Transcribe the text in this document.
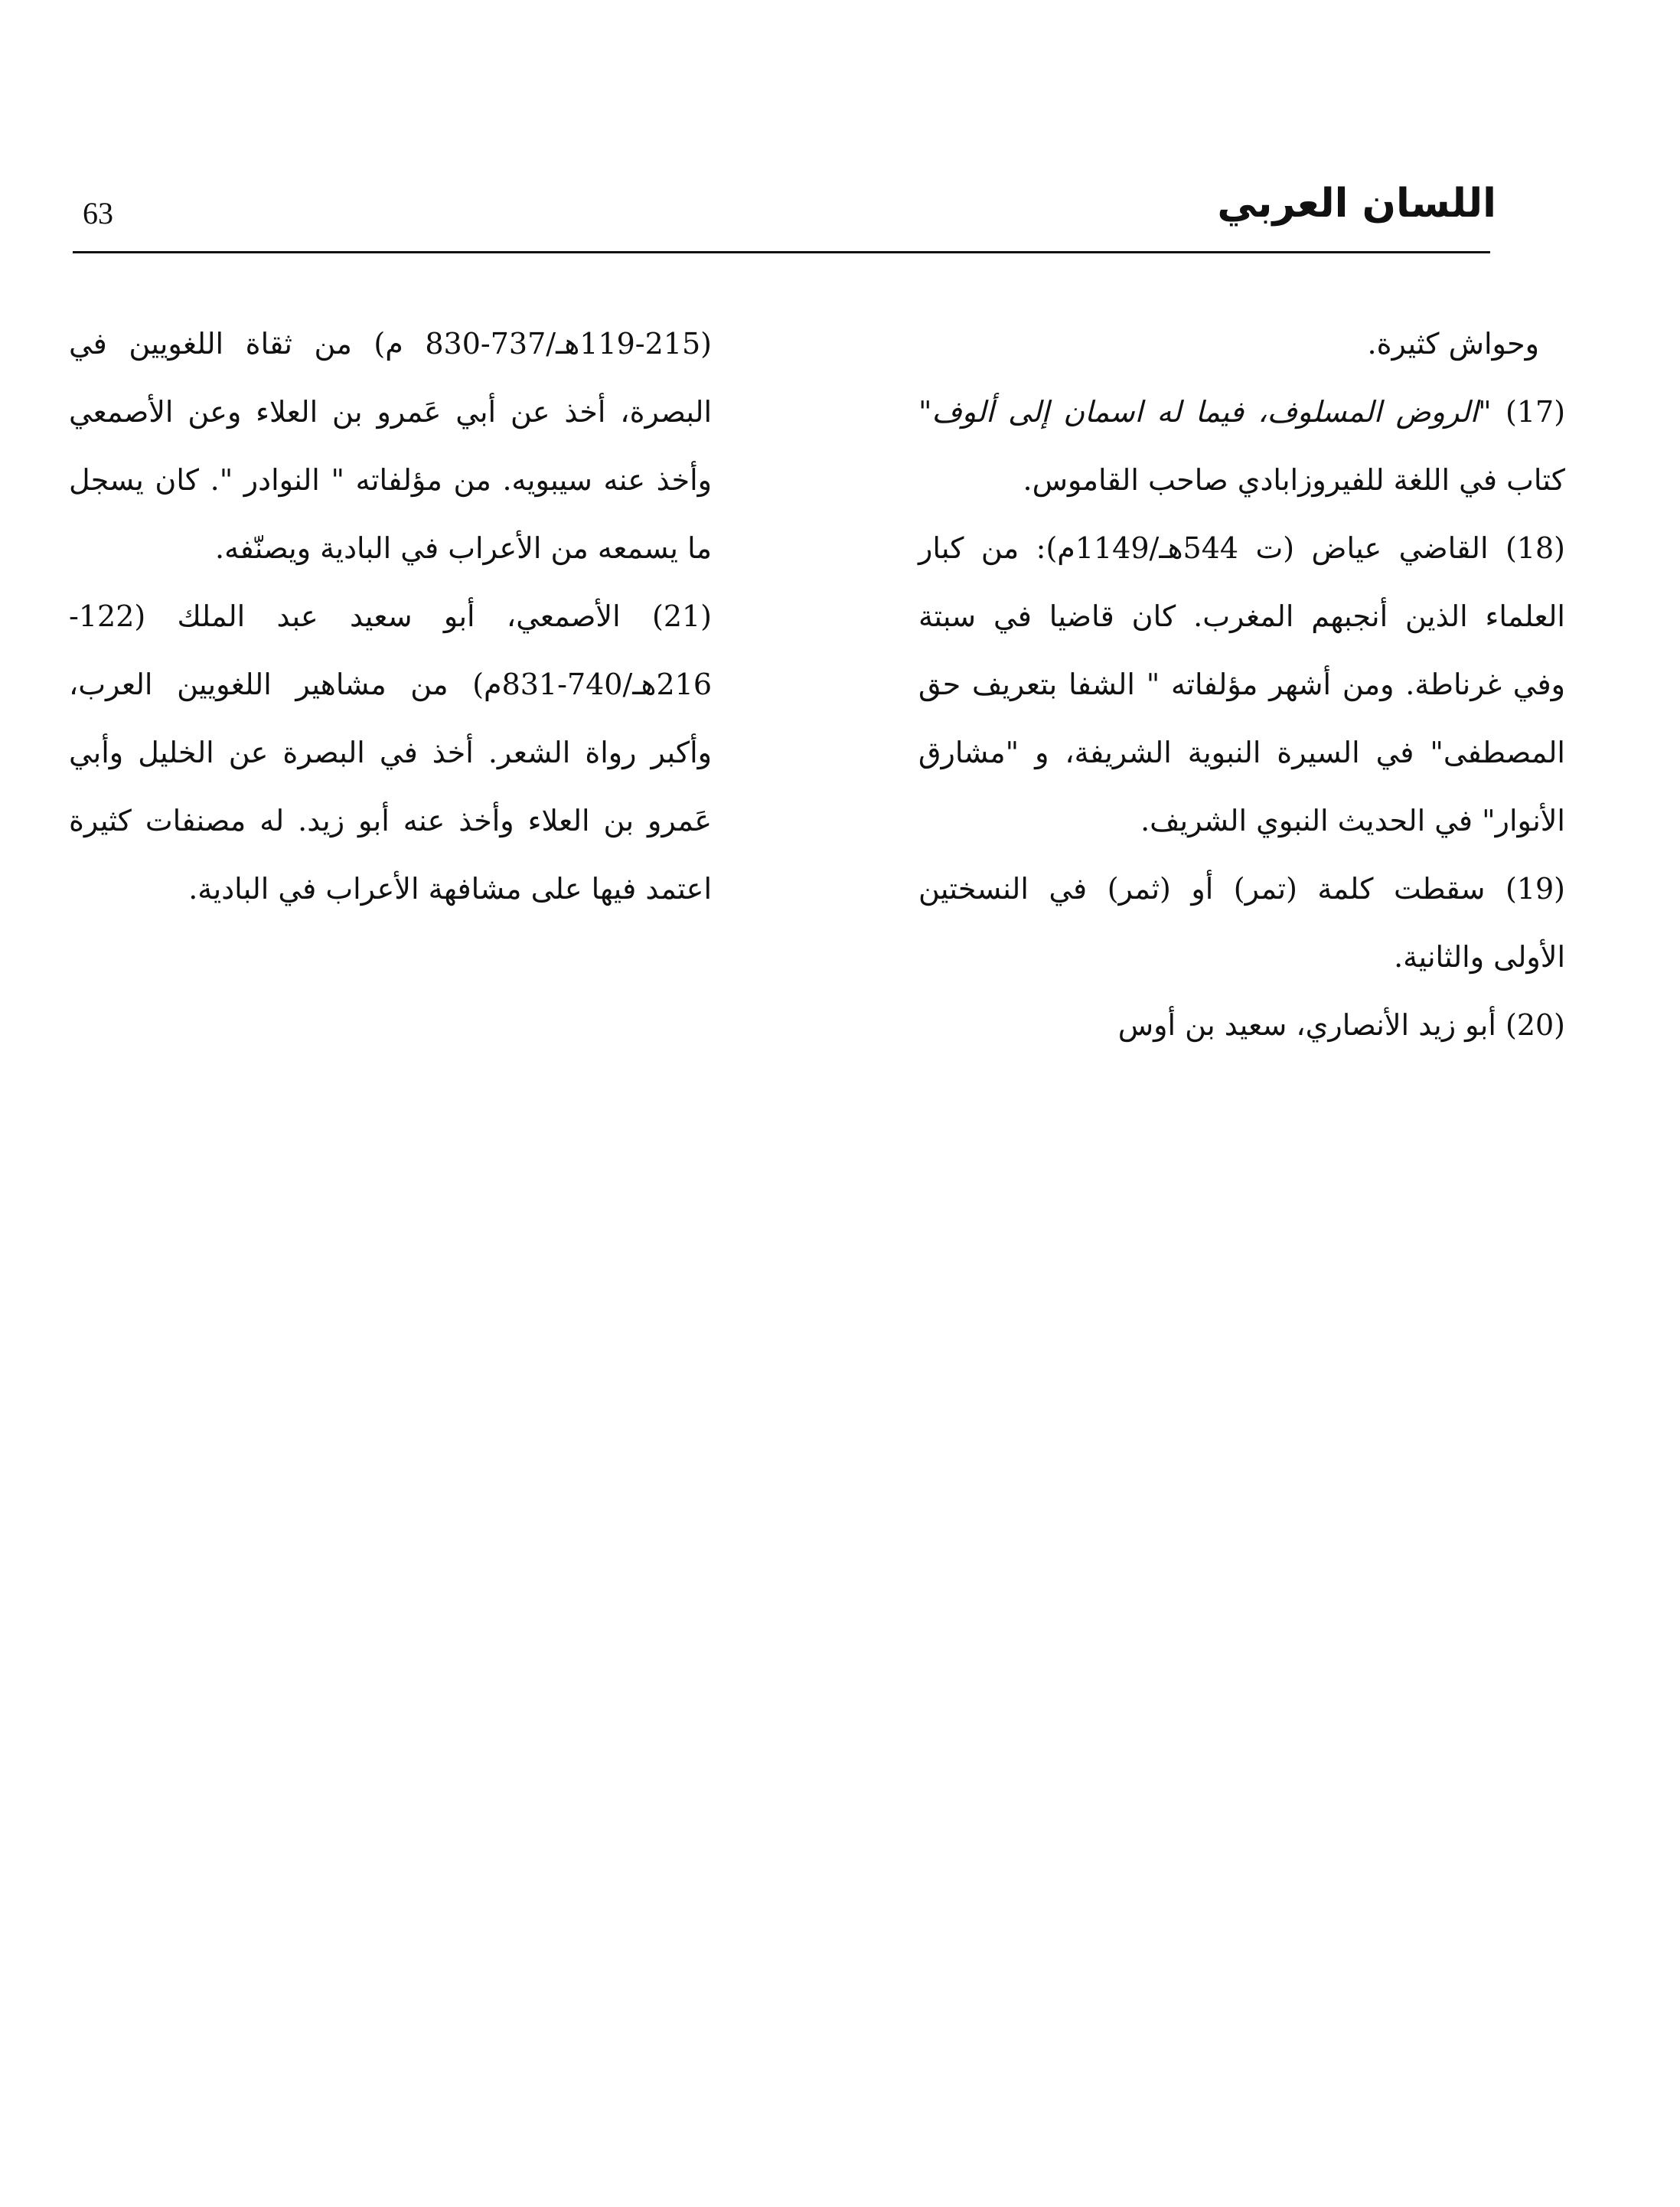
63	اللسان العربي

وحواش كثيرة.

(17) "الروض المسلوف، فيما له اسمان إلى ألوف" كتاب في اللغة للفيروزابادي صاحب القاموس.

(18) القاضي عياض (ت 544هـ/1149م): من كبار العلماء الذين أنجبهم المغرب. كان قاضيا في سبتة وفي غرناطة. ومن أشهر مؤلفاته " الشفا بتعريف حق المصطفى" في السيرة النبوية الشريفة، و "مشارق الأنوار" في الحديث النبوي الشريف.

(19) سقطت كلمة (تمر) أو (ثمر) في النسختين الأولى والثانية.

(20) أبو زيد الأنصاري، سعيد بن أوس

(119-215هـ/737-830 م) من ثقاة اللغويين في البصرة، أخذ عن أبي عَمرو بن العلاء وعن الأصمعي وأخذ عنه سيبويه. من مؤلفاته " النوادر ". كان يسجل ما يسمعه من الأعراب في البادية ويصنّفه.

(21) الأصمعي، أبو سعيد عبد الملك (122-216هـ/740-831م) من مشاهير اللغويين العرب، وأكبر رواة الشعر. أخذ في البصرة عن الخليل وأبي عَمرو بن العلاء وأخذ عنه أبو زيد. له مصنفات كثيرة اعتمد فيها على مشافهة الأعراب في البادية.
